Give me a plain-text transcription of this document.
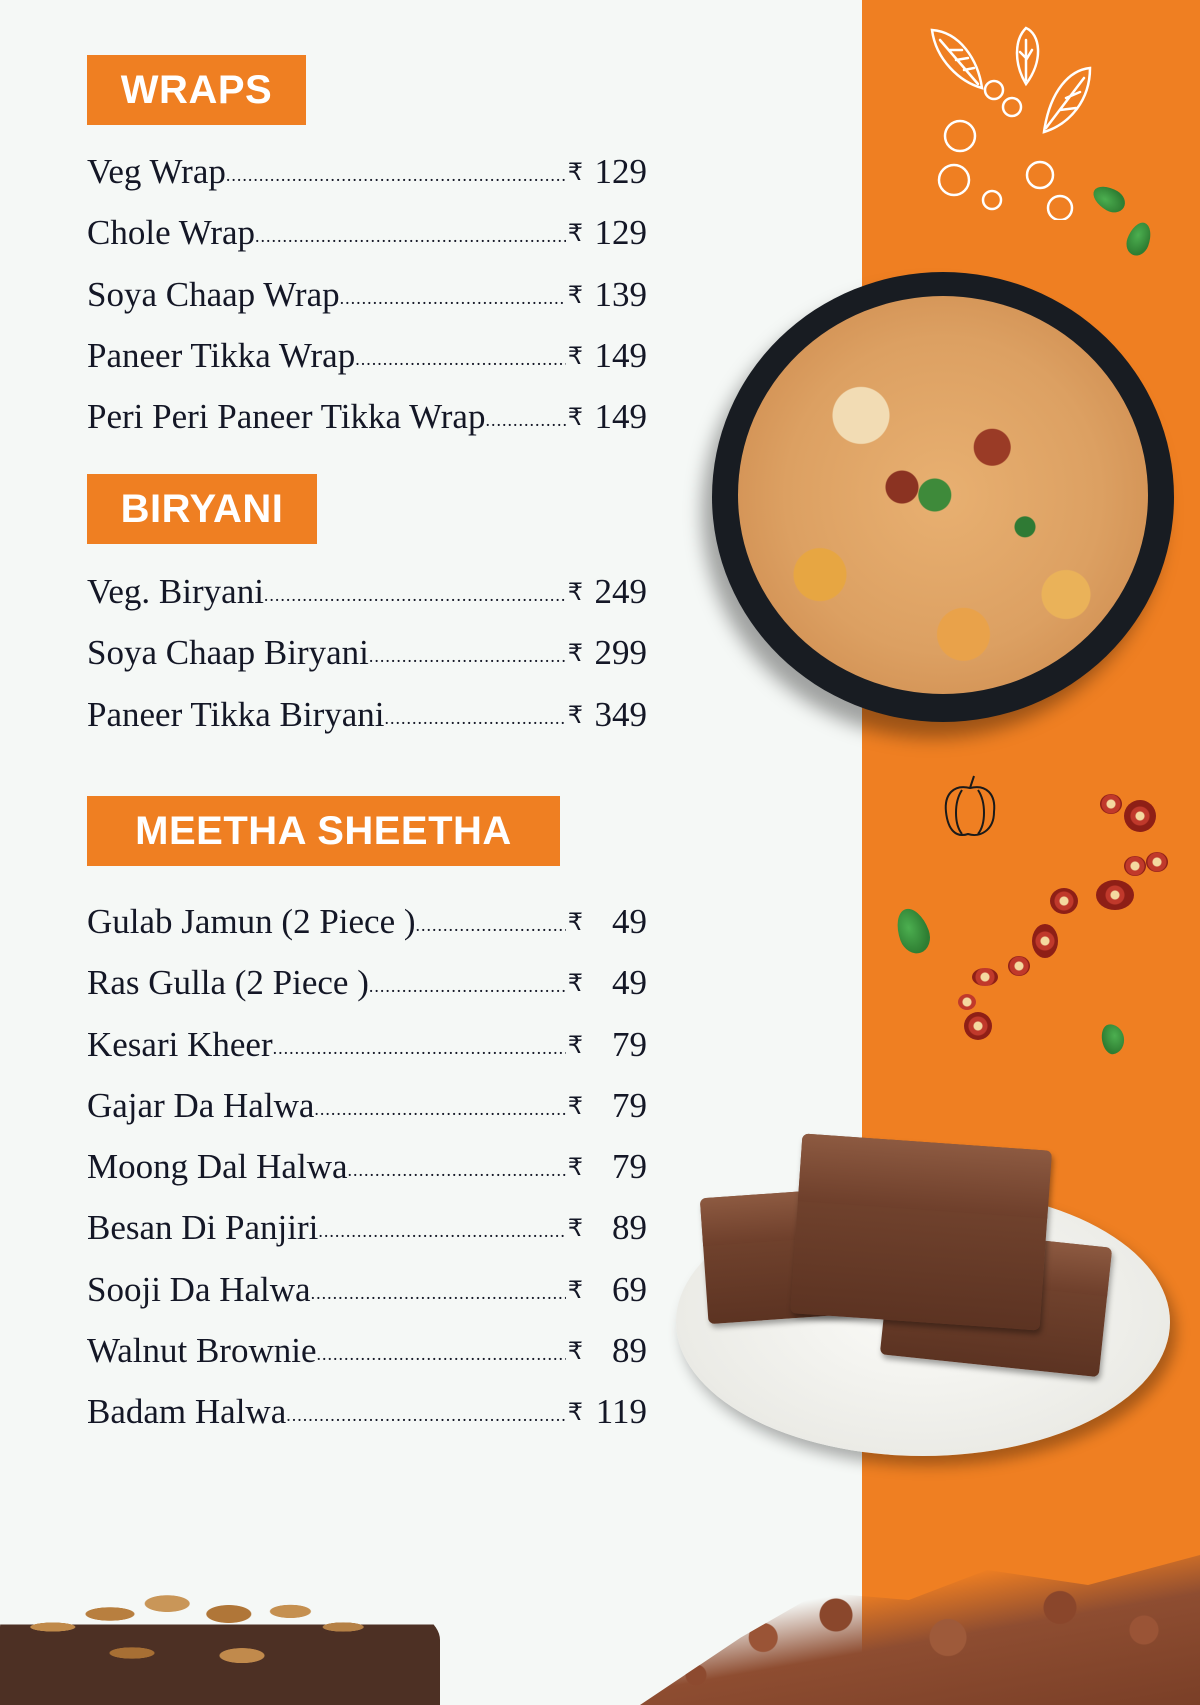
WRAPS
Veg Wrap .....	₹ 129
Chole Wrap .....	₹ 129
Soya Chaap Wrap .....	₹ 139
Paneer Tikka Wrap .....	₹ 149
Peri Peri Paneer Tikka Wrap .....	₹ 149
BIRYANI
Veg. Biryani .....	₹ 249
Soya Chaap Biryani .....	₹ 299
Paneer Tikka Biryani .....	₹ 349
MEETHA SHEETHA
Gulab Jamun (2 Piece ) .....	₹ 49
Ras Gulla (2 Piece ) .....	₹ 49
Kesari Kheer .....	₹ 79
Gajar Da Halwa .....	₹ 79
Moong Dal Halwa .....	₹ 79
Besan Di Panjiri .....	₹ 89
Sooji Da Halwa .....	₹ 69
Walnut Brownie .....	₹ 89
Badam Halwa .....	₹ 119
